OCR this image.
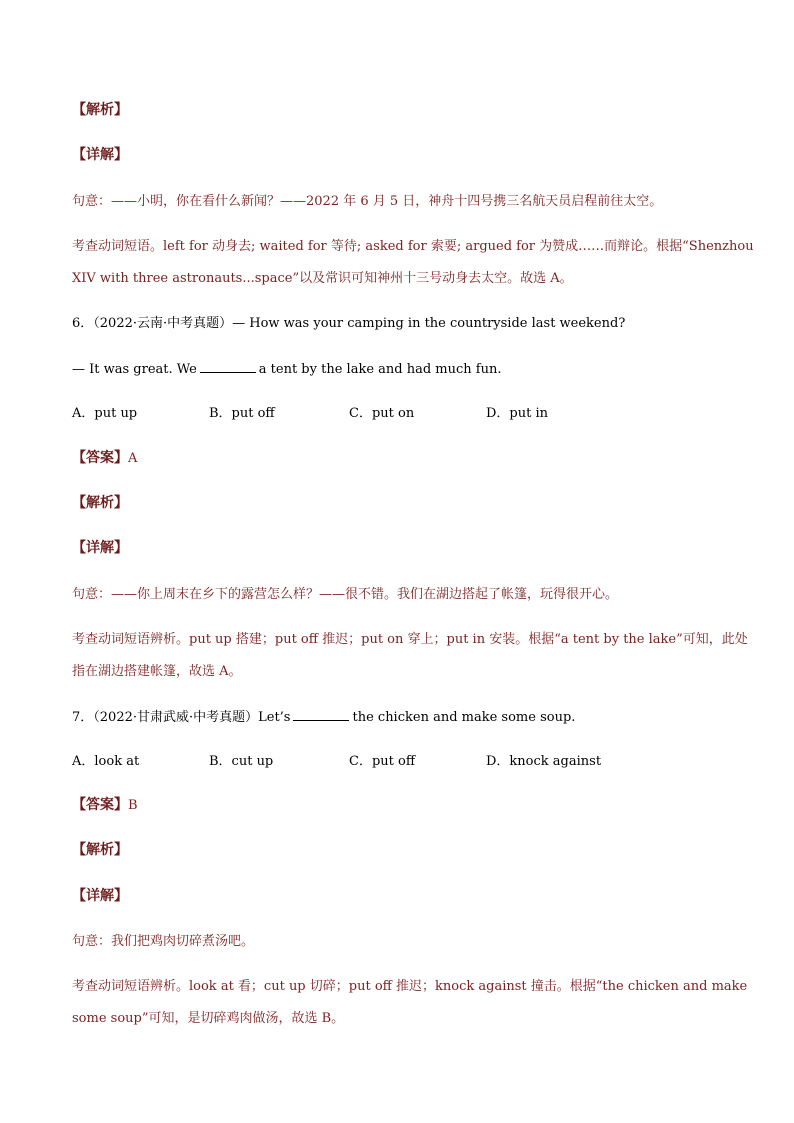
【解析】
【详解】
句意：——小明，你在看什么新闻？——2022 年 6 月 5 日，神舟十四号携三名航天员启程前往太空。
考查动词短语。left for 动身去; waited for 等待; asked for 索要; argued for 为赞成……而辩论。根据“Shenzhou
XIV with three astronauts...space”以及常识可知神州十三号动身去太空。故选 A。
6．（2022·云南·中考真题）— How was your camping in the countryside last weekend?
— It was great. We	a tent by the lake and had much fun.
A．put up	B．put off	C．put on	D．put in
【答案】A
【解析】
【详解】
句意：——你上周末在乡下的露营怎么样？——很不错。我们在湖边搭起了帐篷，玩得很开心。
考查动词短语辨析。put up 搭建；put off 推迟；put on 穿上；put in 安装。根据“a tent by the lake”可知，此处
指在湖边搭建帐篷，故选 A。
7．（2022·甘肃武威·中考真题）Let’s	the chicken and make some soup.
A．look at	B．cut up	C．put off	D．knock against
【答案】B
【解析】
【详解】
句意：我们把鸡肉切碎煮汤吧。
考查动词短语辨析。look at 看；cut up 切碎；put off 推迟；knock against 撞击。根据“the chicken and make
some soup”可知，是切碎鸡肉做汤，故选 B。
